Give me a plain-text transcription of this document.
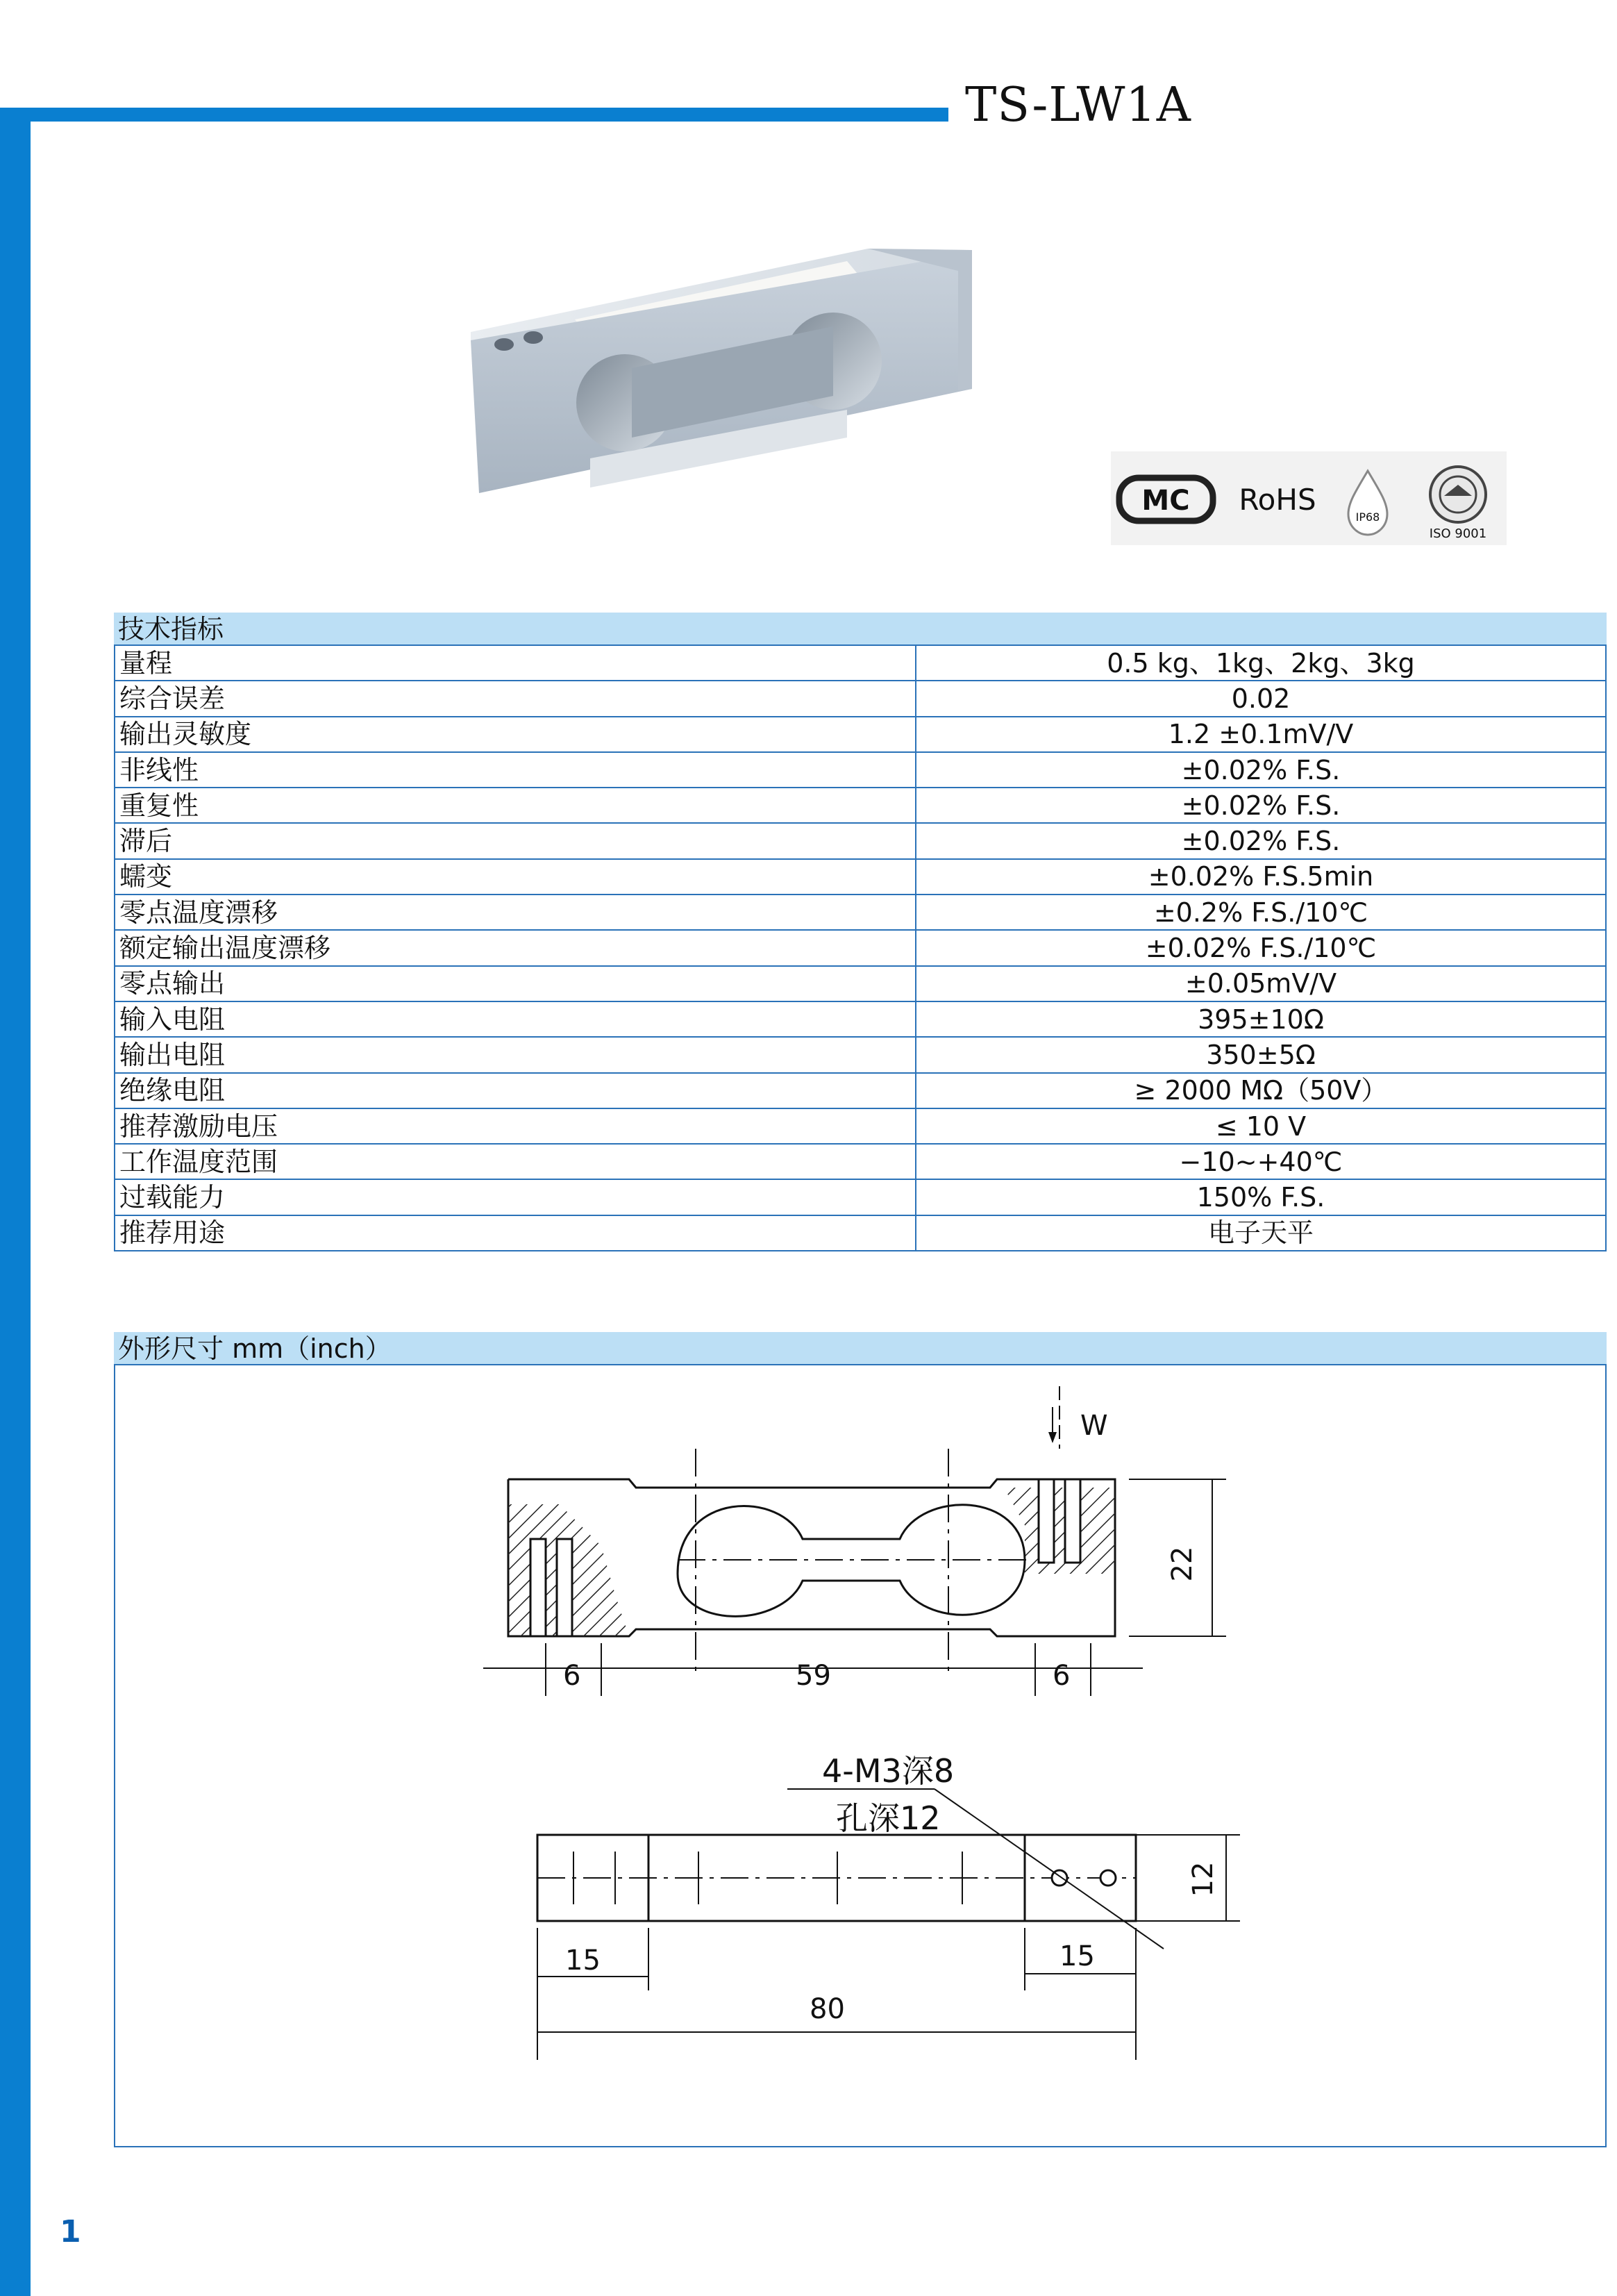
TS-LW1A
MC RoHS
IP68
ISO 9001
技术指标
量程	0.5 kg、1kg、2kg、3kg
综合误差	0.02
输出灵敏度	1.2 ±0.1mV/V
非线性	±0.02% F.S.
重复性	±0.02% F.S.
滞后	±0.02% F.S.
蠕变	±0.02% F.S.5min
零点温度漂移	±0.2% F.S./10℃
额定输出温度漂移	±0.02% F.S./10℃
零点输出	±0.05mV/V
输入电阻	395±10Ω
输出电阻	350±5Ω
绝缘电阻	≥ 2000 MΩ（50V）
推荐激励电压	≤ 10 V
工作温度范围	−10~+40℃
过载能力	150% F.S.
推荐用途	电子天平
外形尺寸 mm（inch）
W
22
6	59	6
4-M3深8
孔深12
12
15	15
80
1
